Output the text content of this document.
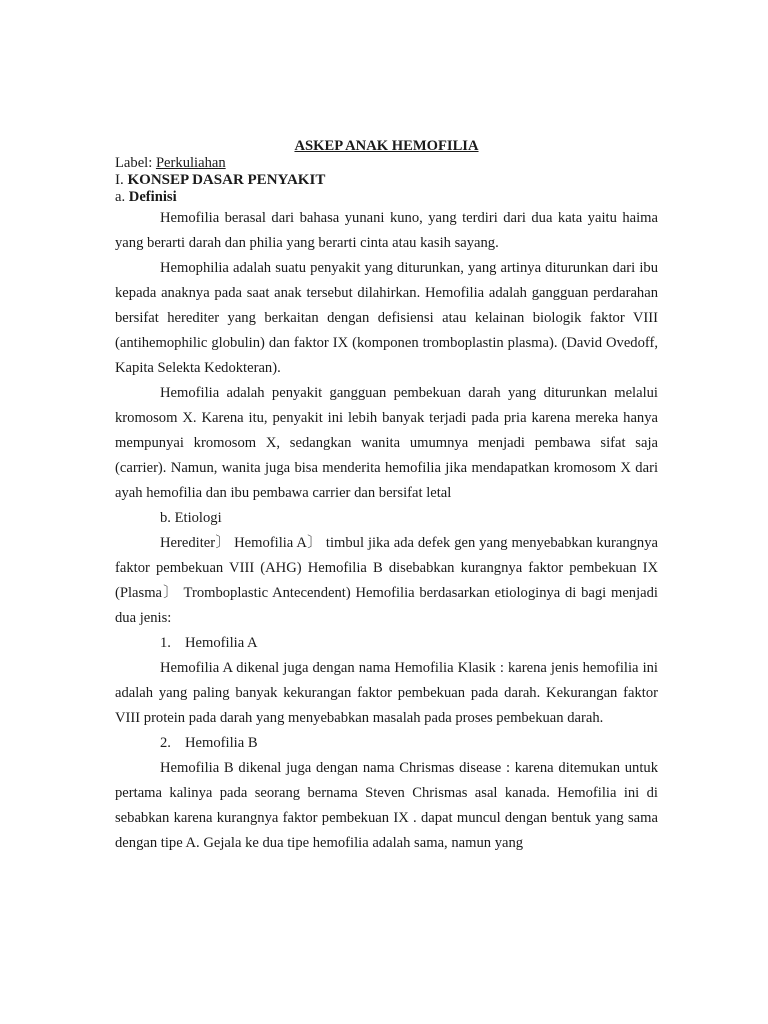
ASKEP ANAK HEMOFILIA
Label: Perkuliahan
I. KONSEP DASAR PENYAKIT
a. Definisi

Hemofilia berasal dari bahasa yunani kuno, yang terdiri dari dua kata yaitu haima yang berarti darah dan philia yang berarti cinta atau kasih sayang.

Hemophilia adalah suatu penyakit yang diturunkan, yang artinya diturunkan dari ibu kepada anaknya pada saat anak tersebut dilahirkan. Hemofilia adalah gangguan perdarahan bersifat herediter yang berkaitan dengan defisiensi atau kelainan biologik faktor VIII (antihemophilic globulin) dan faktor IX (komponen tromboplastin plasma). (David Ovedoff, Kapita Selekta Kedokteran).

Hemofilia adalah penyakit gangguan pembekuan darah yang diturunkan melalui kromosom X. Karena itu, penyakit ini lebih banyak terjadi pada pria karena mereka hanya mempunyai kromosom X, sedangkan wanita umumnya menjadi pembawa sifat saja (carrier). Namun, wanita juga bisa menderita hemofilia jika mendapatkan kromosom X dari ayah hemofilia dan ibu pembawa carrier dan bersifat letal

b. Etiologi

Herediter〕 Hemofilia A〕 timbul jika ada defek gen yang menyebabkan kurangnya faktor pembekuan VIII (AHG) Hemofilia B disebabkan kurangnya faktor pembekuan IX (Plasma〕 Tromboplastic Antecendent) Hemofilia berdasarkan etiologinya di bagi menjadi dua jenis:

1. Hemofilia A

Hemofilia A dikenal juga dengan nama Hemofilia Klasik : karena jenis hemofilia ini adalah yang paling banyak kekurangan faktor pembekuan pada darah. Kekurangan faktor VIII protein pada darah yang menyebabkan masalah pada proses pembekuan darah.

2. Hemofilia B

Hemofilia B dikenal juga dengan nama Chrismas disease : karena ditemukan untuk pertama kalinya pada seorang bernama Steven Chrismas asal kanada. Hemofilia ini di sebabkan karena kurangnya faktor pembekuan IX . dapat muncul dengan bentuk yang sama dengan tipe A. Gejala ke dua tipe hemofilia adalah sama, namun yang
